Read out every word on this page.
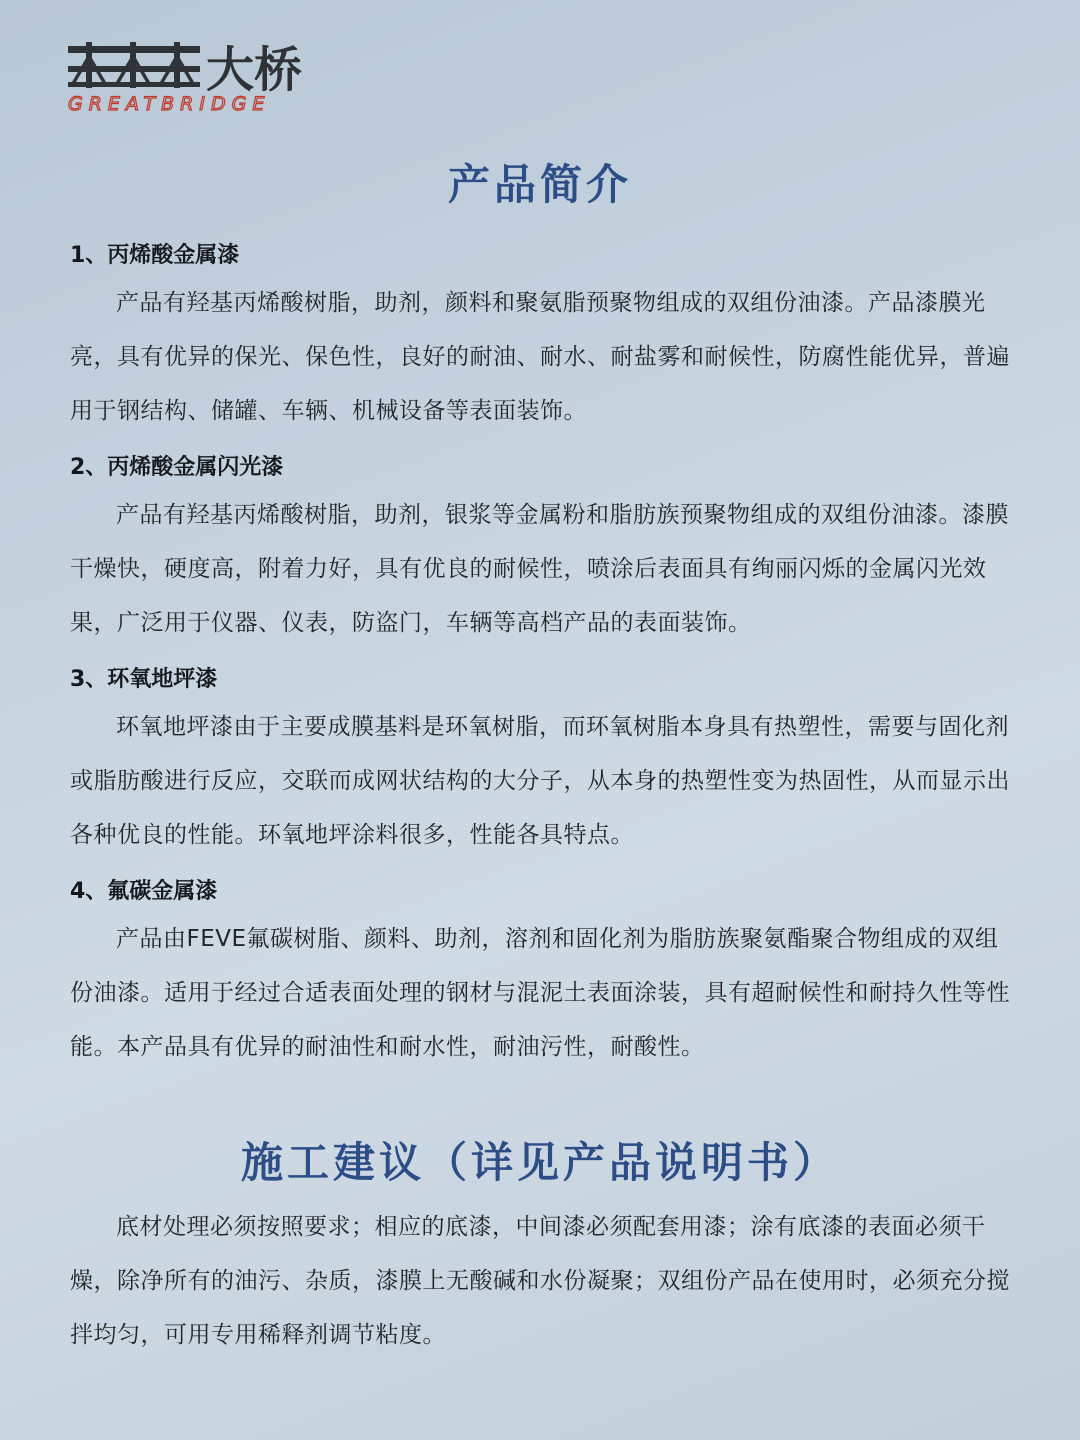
大桥
GREATBRIDGE
产品简介
1、丙烯酸金属漆

产品有羟基丙烯酸树脂，助剂，颜料和聚氨脂预聚物组成的双组份油漆。产品漆膜光亮，具有优异的保光、保色性，良好的耐油、耐水、耐盐雾和耐候性，防腐性能优异，普遍用于钢结构、储罐、车辆、机械设备等表面装饰。

2、丙烯酸金属闪光漆

产品有羟基丙烯酸树脂，助剂，银浆等金属粉和脂肪族预聚物组成的双组份油漆。漆膜干燥快，硬度高，附着力好，具有优良的耐候性，喷涂后表面具有绚丽闪烁的金属闪光效果，广泛用于仪器、仪表，防盗门，车辆等高档产品的表面装饰。

3、环氧地坪漆

环氧地坪漆由于主要成膜基料是环氧树脂，而环氧树脂本身具有热塑性，需要与固化剂或脂肪酸进行反应，交联而成网状结构的大分子，从本身的热塑性变为热固性，从而显示出各种优良的性能。环氧地坪涂料很多，性能各具特点。

4、氟碳金属漆

产品由FEVE氟碳树脂、颜料、助剂，溶剂和固化剂为脂肪族聚氨酯聚合物组成的双组份油漆。适用于经过合适表面处理的钢材与混泥土表面涂装，具有超耐候性和耐持久性等性能。本产品具有优异的耐油性和耐水性，耐油污性，耐酸性。

施工建议（详见产品说明书）

底材处理必须按照要求；相应的底漆，中间漆必须配套用漆；涂有底漆的表面必须干燥，除净所有的油污、杂质，漆膜上无酸碱和水份凝聚；双组份产品在使用时，必须充分搅拌均匀，可用专用稀释剂调节粘度。
